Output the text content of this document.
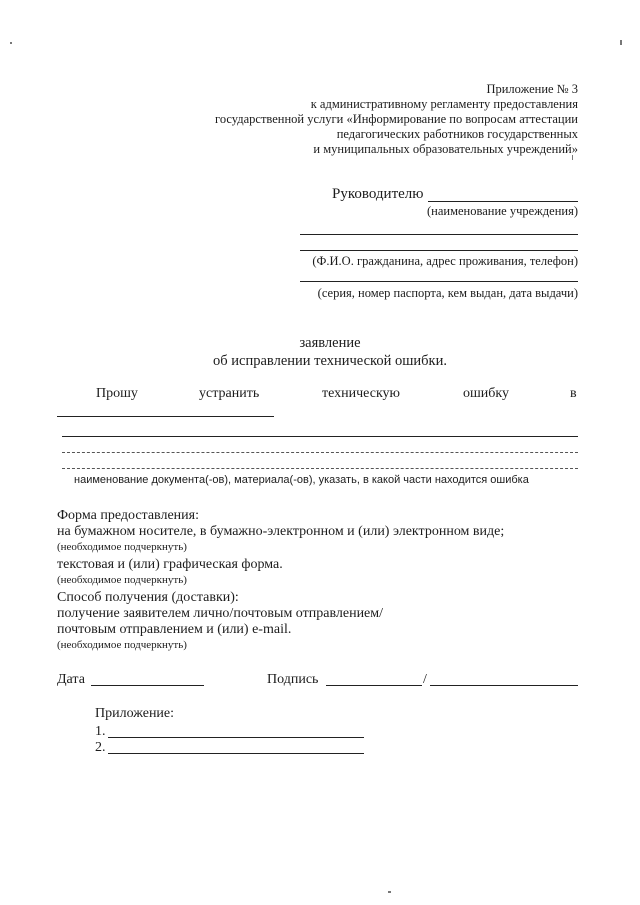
Приложение № 3
к административному регламенту предоставления
государственной услуги «Информирование по вопросам аттестации
педагогических работников государственных
и муниципальных образовательных учреждений»
Руководителю
(наименование учреждения)
(Ф.И.О. гражданина, адрес проживания, телефон)
(серия, номер паспорта, кем выдан, дата выдачи)
заявление
об исправлении технической ошибки.
Прошу	устранить	техническую	ошибку	в
наименование документа(-ов), материала(-ов), указать, в какой части находится ошибка
Форма предоставления:
на бумажном носителе, в бумажно-электронном и (или) электронном виде;
(необходимое подчеркнуть)
текстовая и (или) графическая форма.
(необходимое подчеркнуть)
Способ получения (доставки):
получение заявителем лично/почтовым отправлением/
почтовым отправлением и (или) e-mail.
(необходимое подчеркнуть)
Дата	Подпись	/
Приложение:
1.
2.
